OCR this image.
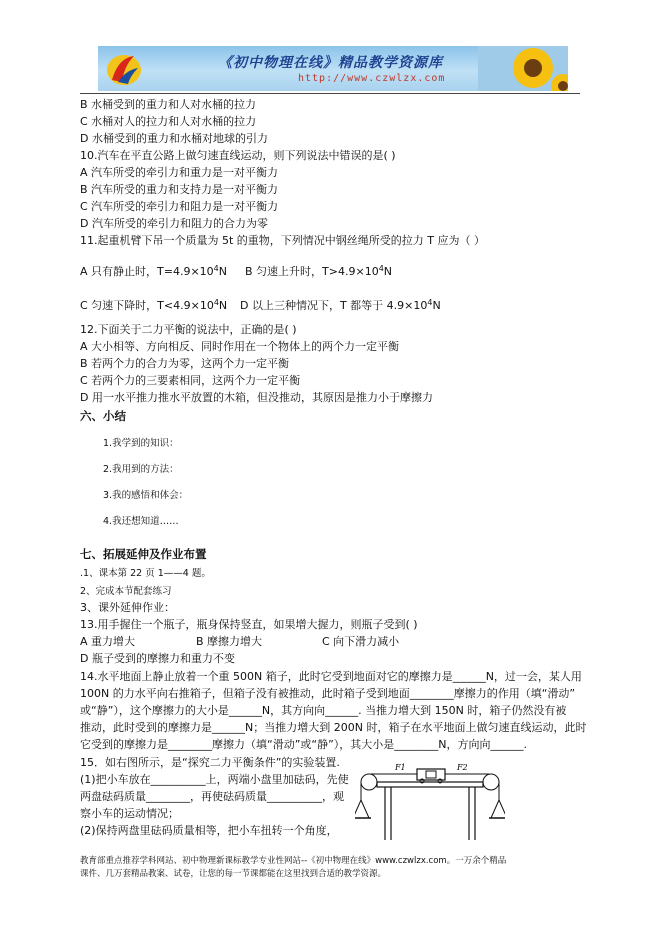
《初中物理在线》精品教学资源库
http://www.czwlzx.com
B 水桶受到的重力和人对水桶的拉力
C 水桶对人的拉力和人对水桶的拉力
D 水桶受到的重力和水桶对地球的引力
10.汽车在平直公路上做匀速直线运动，则下列说法中错误的是( )
A 汽车所受的牵引力和重力是一对平衡力
B 汽车所受的重力和支持力是一对平衡力
C 汽车所受的牵引力和阻力是一对平衡力
D 汽车所受的牵引力和阻力的合力为零
11.起重机臂下吊一个质量为 5t 的重物，下列情况中钢丝绳所受的拉力 T 应为（ ）
A 只有静止时，$T=4.9\times 10^4N$ B 匀速上升时，$T>4.9\times 10^4N$
C 匀速下降时，$T<4.9\times 10^4N$ D 以上三种情况下，T 都等于 $4.9\times 10^4N$
12.下面关于二力平衡的说法中，正确的是( )
A 大小相等、方向相反、同时作用在一个物体上的两个力一定平衡
B 若两个力的合力为零，这两个力一定平衡
C 若两个力的三要素相同，这两个力一定平衡
D 用一水平推力推水平放置的木箱，但没推动，其原因是推力小于摩擦力
六、小结
1.我学到的知识：
2.我用到的方法：
3.我的感悟和体会：
4.我还想知道……
七、拓展延伸及作业布置
.1、课本第 22 页 1——4 题。
2、完成本节配套练习
3、课外延伸作业：
13.用手握住一个瓶子，瓶身保持竖直，如果增大握力，则瓶子受到( )
A 重力增大	B 摩擦力增大	C 向下滑力减小
D 瓶子受到的摩擦力和重力不变
14.水平地面上静止放着一个重 500N 箱子，此时它受到地面对它的摩擦力是______N，过一会，某人用
100N 的力水平向右推箱子，但箱子没有被推动，此时箱子受到地面________摩擦力的作用（填“滑动”
或“静”），这个摩擦力的大小是______N，其方向向______. 当推力增大到 150N 时，箱子仍然没有被
推动，此时受到的摩擦力是______N；当推力增大到 200N 时，箱子在水平地面上做匀速直线运动，此时
它受到的摩擦力是________摩擦力（填“滑动”或“静”），其大小是________N，方向向______.
15．如右图所示，是“探究二力平衡条件”的实验装置.
(1)把小车放在__________上，两端小盘里加砝码，先使
两盘砝码质量________，再使砝码质量__________，观
察小车的运动情况；
(2)保持两盘里砝码质量相等，把小车扭转一个角度，
F1	F2
教育部重点推荐学科网站、初中物理新课标教学专业性网站--《初中物理在线》www.czwlzx.com。一万余个精品
课件、几万套精品教案、试卷，让您的每一节课都能在这里找到合适的教学资源。
